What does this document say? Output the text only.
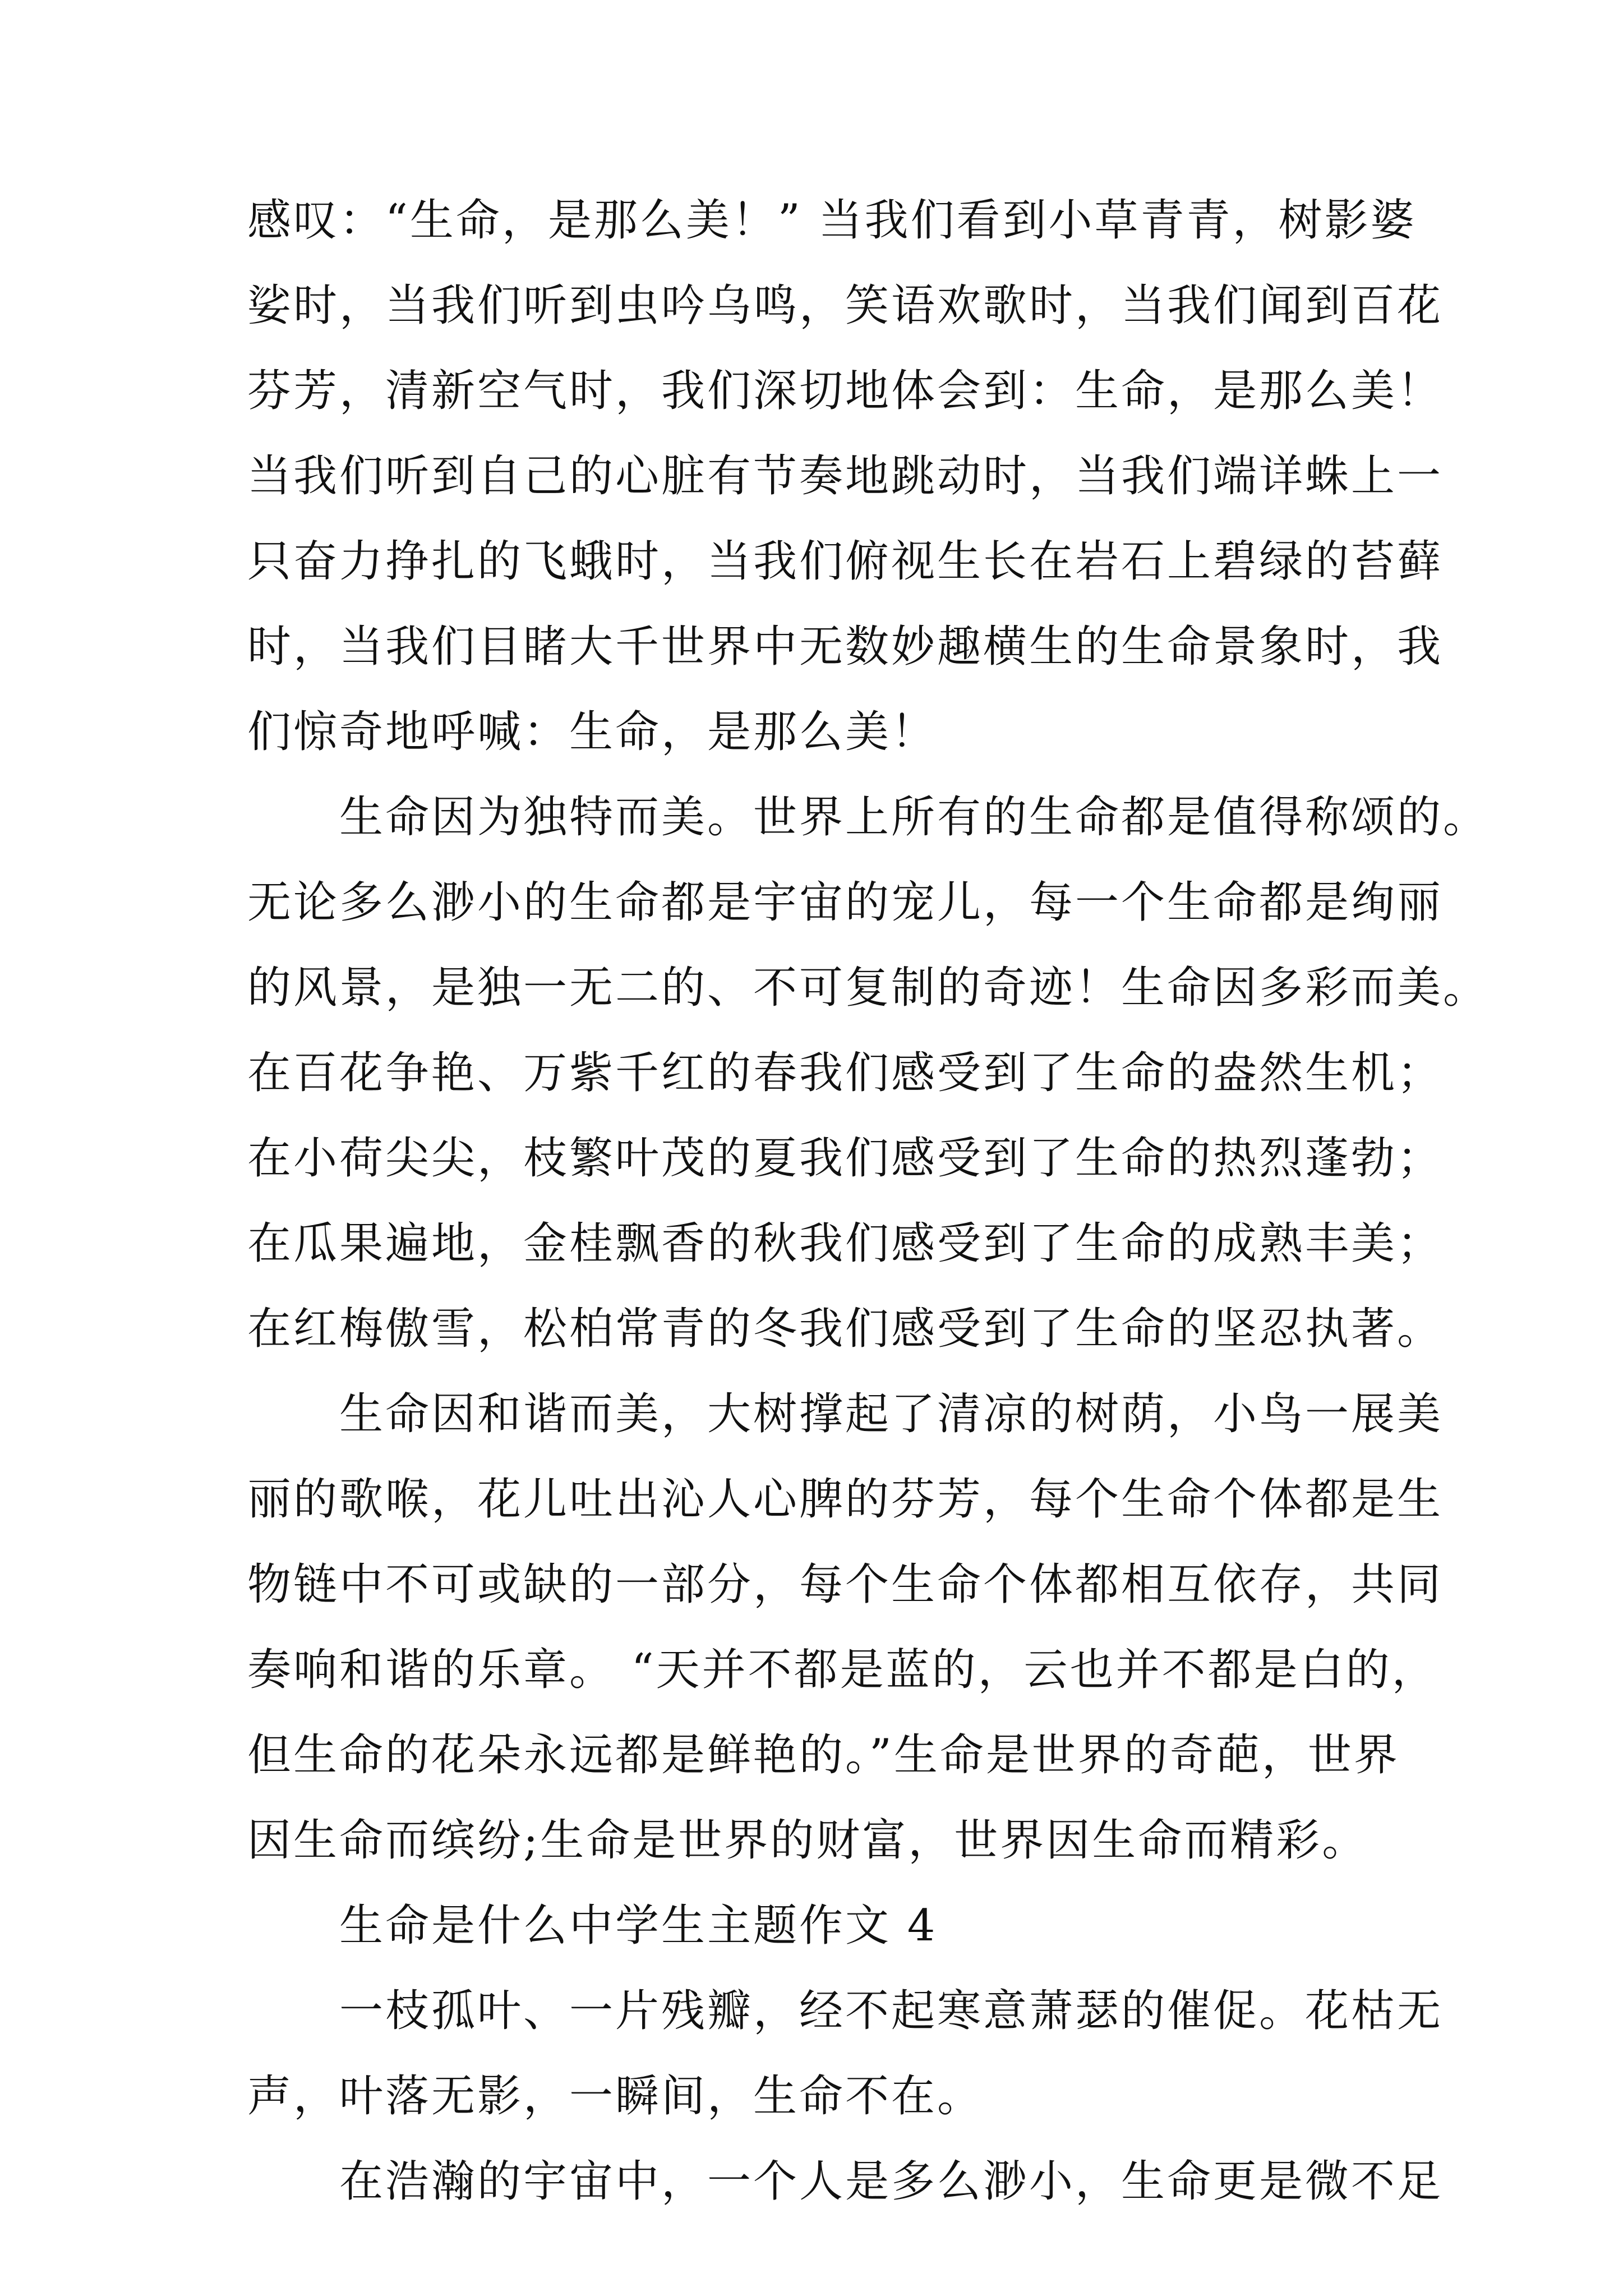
感叹：“生命，是那么美！” 当我们看到小草青青，树影婆
娑时，当我们听到虫吟乌鸣，笑语欢歌时，当我们闻到百花
芬芳，清新空气时，我们深切地体会到：生命，是那么美！
当我们听到自己的心脏有节奏地跳动时，当我们端详蛛上一
只奋力挣扎的飞蛾时，当我们俯视生长在岩石上碧绿的苔藓
时，当我们目睹大千世界中无数妙趣横生的生命景象时，我
们惊奇地呼喊：生命，是那么美！
生命因为独特而美。世界上所有的生命都是值得称颂的。
无论多么渺小的生命都是宇宙的宠儿，每一个生命都是绚丽
的风景，是独一无二的、不可复制的奇迹！生命因多彩而美。
在百花争艳、万紫千红的春我们感受到了生命的盎然生机；
在小荷尖尖，枝繁叶茂的夏我们感受到了生命的热烈蓬勃；
在瓜果遍地，金桂飘香的秋我们感受到了生命的成熟丰美；
在红梅傲雪，松柏常青的冬我们感受到了生命的坚忍执著。
生命因和谐而美，大树撑起了清凉的树荫，小鸟一展美
丽的歌喉，花儿吐出沁人心脾的芬芳，每个生命个体都是生
物链中不可或缺的一部分，每个生命个体都相互依存，共同
奏响和谐的乐章。 “天并不都是蓝的，云也并不都是白的，
但生命的花朵永远都是鲜艳的。”生命是世界的奇葩，世界
因生命而缤纷;生命是世界的财富，世界因生命而精彩。
生命是什么中学生主题作文 4
一枝孤叶、一片残瓣，经不起寒意萧瑟的催促。花枯无
声，叶落无影，一瞬间，生命不在。
在浩瀚的宇宙中，一个人是多么渺小，生命更是微不足
